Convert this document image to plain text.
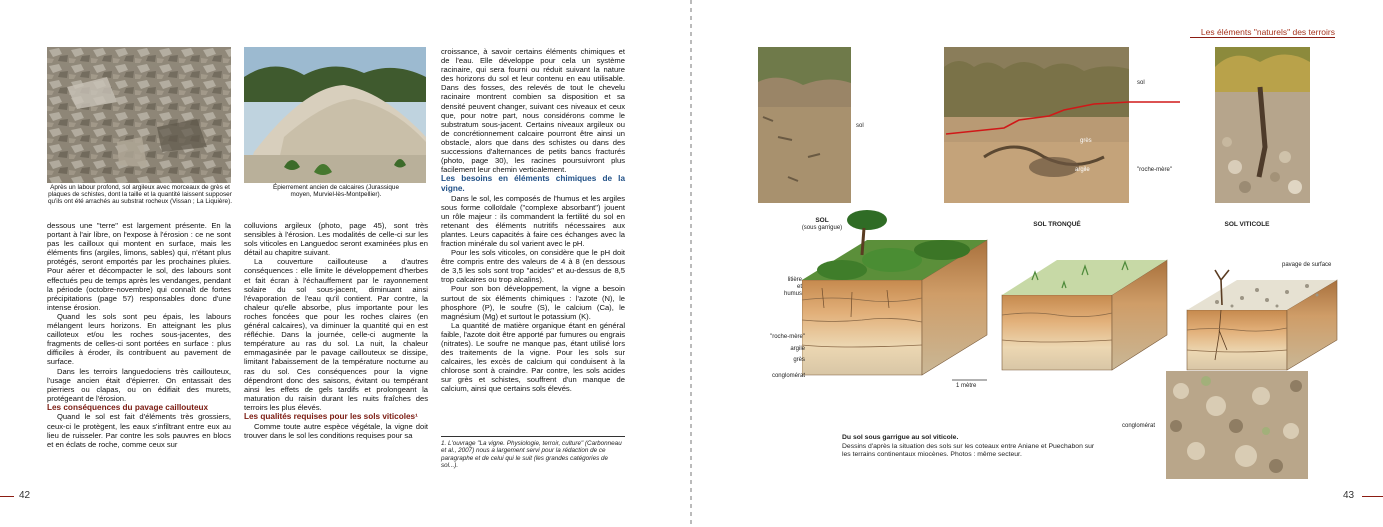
Après un labour profond, sol argileux avec morceaux de grès et plaques de schistes, dont la taille et la quantité laissent supposer qu'ils ont été arrachés au substrat rocheux (Vissan ; La Liquière).
Épierrement ancien de calcaires (Jurassique moyen, Murviel-lès-Montpellier).

dessous une "terre" est largement présente. En la portant à l'air libre, on l'expose à l'érosion : ce ne sont pas les cailloux qui montent en surface, mais les éléments fins (argiles, limons, sables) qui, n'étant plus protégés, seront emportés par les prochaines pluies. Pour aérer et décompacter le sol, des labours sont effectués peu de temps après les vendanges, pendant la période (octobre-novembre) qui connaît de fortes précipitations (page 57) responsables donc d'une intense érosion.

Quand les sols sont peu épais, les labours mélangent leurs horizons. En atteignant les plus cailloteux et/ou les roches sous-jacentes, des fragments de celles-ci sont portées en surface : plus difficiles à éroder, ils contribuent au pavement de surface.

Dans les terroirs languedociens très caillouteux, l'usage ancien était d'épierrer. On entassait des pierriers ou clapas, ou on édifiait des murets, protégeant de l'érosion.

Les conséquences du pavage caillouteux

Quand le sol est fait d'éléments très grossiers, ceux-ci le protègent, les eaux s'infiltrant entre eux au lieu de ruisseler. Par contre les sols pauvres en blocs et en éclats de roche, comme ceux sur

colluvions argileux (photo, page 45), sont très sensibles à l'érosion. Les modalités de celle-ci sur les sols viticoles en Languedoc seront examinées plus en détail au chapitre suivant.

La couverture caillouteuse a d'autres conséquences : elle limite le développement d'herbes et fait écran à l'échauffement par le rayonnement solaire du sol sous-jacent, diminuant ainsi l'évaporation de l'eau qu'il contient. Par contre, la chaleur qu'elle absorbe, plus importante pour les roches foncées que pour les roches claires (en général calcaires), va diminuer la quantité qui en est réfléchie. Dans la journée, celle-ci augmente la température au ras du sol. La nuit, la chaleur emmagasinée par le pavage caillouteux se dissipe, limitant l'abaissement de la température nocturne au ras du sol. Ces conséquences pour la vigne dépendront donc des saisons, évitant ou tempérant ainsi les effets de gels tardifs et prolongeant la maturation du raisin durant les nuits fraîches des terroirs les plus élevés.

Les qualités requises pour les sols viticoles¹

Comme toute autre espèce végétale, la vigne doit trouver dans le sol les conditions requises pour sa

croissance, à savoir certains éléments chimiques et de l'eau. Elle développe pour cela un système racinaire, qui sera fourni ou réduit suivant la nature des horizons du sol et leur contenu en eau utilisable. Dans des fosses, des relevés de tout le chevelu racinaire montrent combien sa disposition et sa densité peuvent changer, suivant ces niveaux et ceux que, pour notre part, nous considérons comme le substratum sous-jacent. Certains niveaux argileux ou de concrétionnement calcaire pourront être ainsi un obstacle, alors que dans des schistes ou dans des successions d'alternances de petits bancs fracturés (photo, page 30), les racines poursuivront plus facilement leur chemin verticalement.

Les besoins en éléments chimiques de la vigne.

Dans le sol, les composés de l'humus et les argiles sous forme colloïdale ("complexe absorbant") jouent un rôle majeur : ils commandent la fertilité du sol en retenant des éléments nutritifs nécessaires aux plantes. Leurs capacités à faire ces échanges avec la fraction minérale du sol varient avec le pH.

Pour les sols viticoles, on considère que le pH doit être compris entre des valeurs de 4 à 8 (en dessous de 3,5 les sols sont trop "acides" et au-dessus de 8,5 trop calcaires ou trop alcalins).

Pour son bon développement, la vigne a besoin surtout de six éléments chimiques : l'azote (N), le phosphore (P), le soufre (S), le calcium (Ca), le magnésium (Mg) et surtout le potassium (K).

La quantité de matière organique étant en général faible, l'azote doit être apporté par fumures ou engrais (nitrates). Le soufre ne manque pas, étant utilisé lors des traitements de la vigne. Pour les sols sur calcaires, les excès de calcium qui conduisent à la chlorose sont à craindre. Par contre, les sols acides sur grès et schistes, souffrent d'un manque de calcium, ainsi que certains sols élevés.

1. L'ouvrage "La vigne. Physiologie, terroir, culture" (Carbonneau et al., 2007) nous a largement servi pour la rédaction de ce paragraphe et de celui qui le suit (les grandes catégories de sol...).
42
Les éléments "naturels" des terroirs
sol
sol
grès
argile	"roche-mère"
SOL
(sous garrigue)	SOL TRONQUÉ	SOL VITICOLE
litière et humus
"roche-mère"
argile
grès
conglomérat
1 mètre
pavage de surface
conglomérat
Du sol sous garrigue au sol viticole.
Dessins d'après la situation des sols sur les coteaux entre Aniane et Puechabon sur les terrains continentaux miocènes. Photos : même secteur.
43
